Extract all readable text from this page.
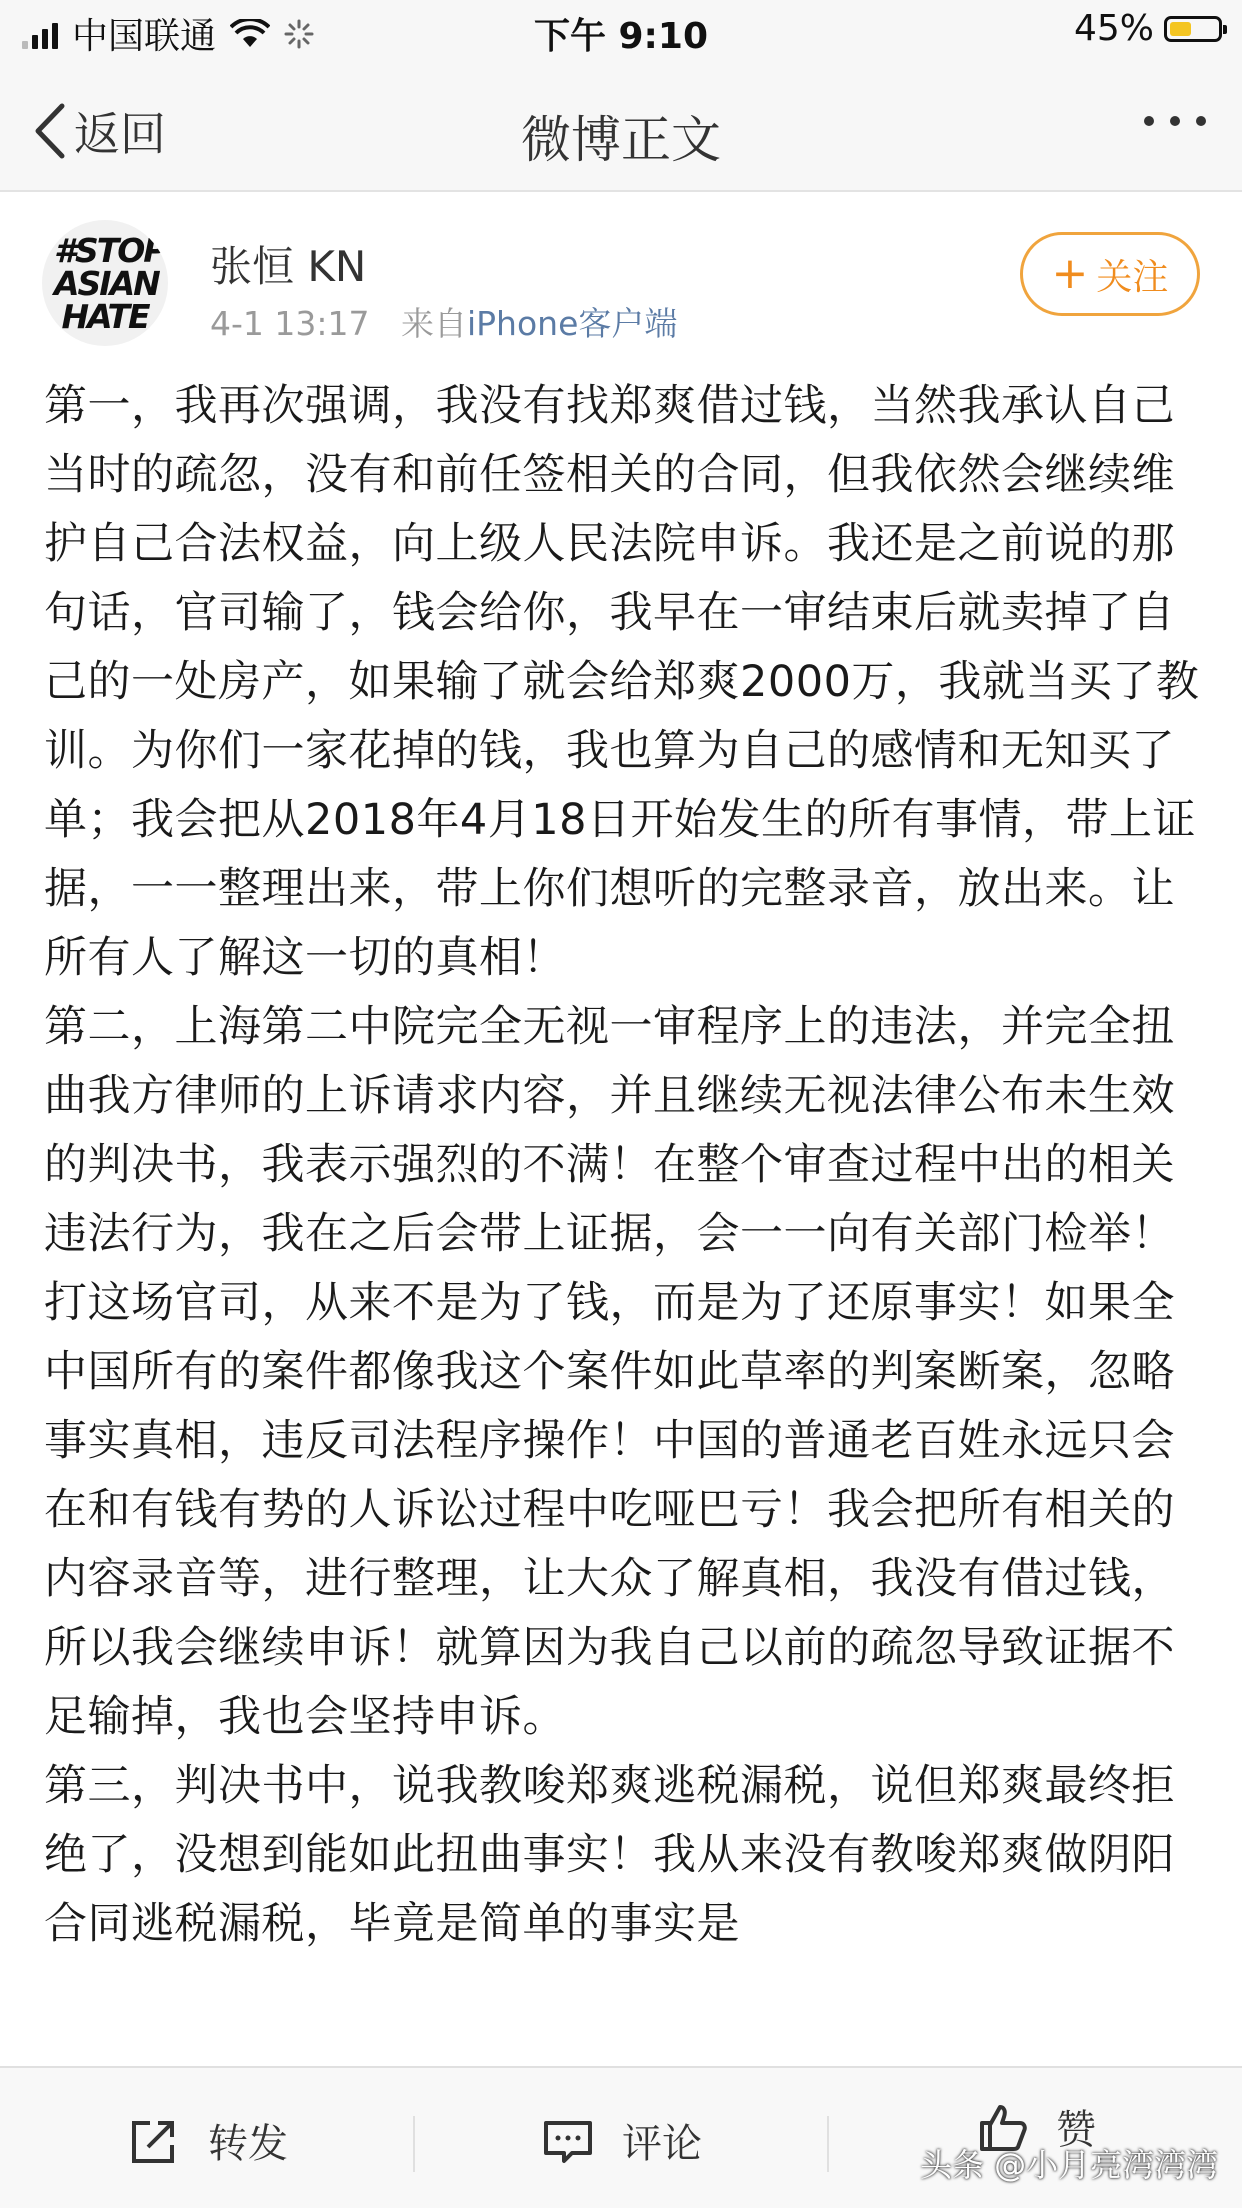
中国联通	下午 9:10	45%
返回	微博正文
#STOP
ASIAN
HATE
张恒 KN
4-1 13:17 来自iPhone客户端
+ 关注

第一，我再次强调，我没有找郑爽借过钱，当然我承认自己当时的疏忽，没有和前任签相关的合同，但我依然会继续维护自己合法权益，向上级人民法院申诉。我还是之前说的那句话，官司输了，钱会给你，我早在一审结束后就卖掉了自己的一处房产，如果输了就会给郑爽2000万，我就当买了教训。为你们一家花掉的钱，我也算为自己的感情和无知买了单；我会把从2018年4月18日开始发生的所有事情，带上证据，一一整理出来，带上你们想听的完整录音，放出来。让所有人了解这一切的真相！

第二，上海第二中院完全无视一审程序上的违法，并完全扭曲我方律师的上诉请求内容，并且继续无视法律公布未生效的判决书，我表示强烈的不满！在整个审查过程中出的相关违法行为，我在之后会带上证据，会一一向有关部门检举！打这场官司，从来不是为了钱，而是为了还原事实！如果全中国所有的案件都像我这个案件如此草率的判案断案，忽略事实真相，违反司法程序操作！中国的普通老百姓永远只会在和有钱有势的人诉讼过程中吃哑巴亏！我会把所有相关的内容录音等，进行整理，让大众了解真相，我没有借过钱，所以我会继续申诉！就算因为我自己以前的疏忽导致证据不足输掉，我也会坚持申诉。

第三，判决书中，说我教唆郑爽逃税漏税，说但郑爽最终拒绝了，没想到能如此扭曲事实！我从来没有教唆郑爽做阴阳合同逃税漏税，毕竟是简单的事实是

转发	评论	赞
头条 @小月亮湾湾湾
